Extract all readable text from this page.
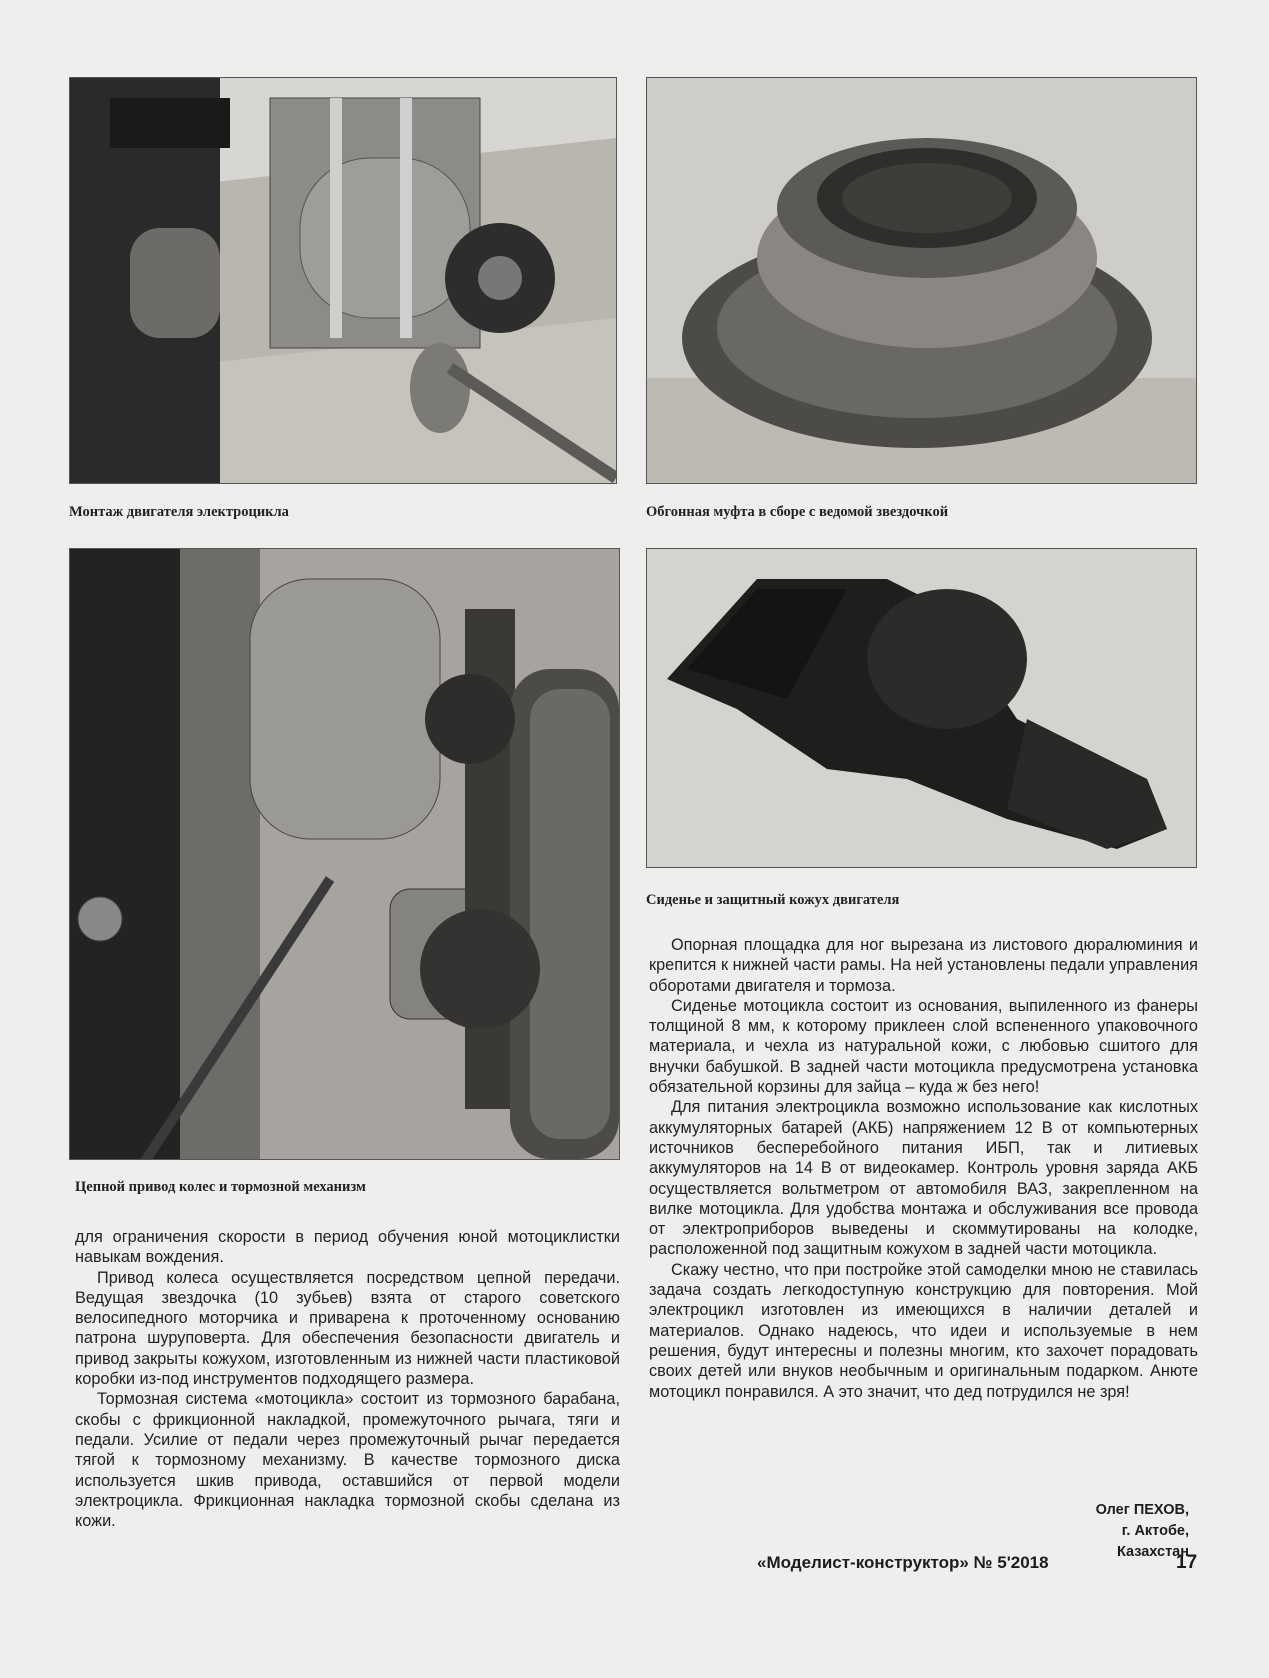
Монтаж двигателя электроцикла	Обгонная муфта в сборе с ведомой звездочкой
Цепной привод колес и тормозной механизм
Сиденье и защитный кожух двигателя

для ограничения скорости в период обучения юной мотоциклистки навыкам вождения.

Привод колеса осуществляется посредством цепной передачи. Ведущая звездочка (10 зубьев) взята от старого советского велосипедного моторчика и приварена к проточенному основанию патрона шуруповерта. Для обеспечения безопасности двигатель и привод закрыты кожухом, изготовленным из нижней части пластиковой коробки из-под инструментов подходящего размера.

Тормозная система «мотоцикла» состоит из тормозного барабана, скобы с фрикционной накладкой, промежуточного рычага, тяги и педали. Усилие от педали через промежуточный рычаг передается тягой к тормозному механизму. В качестве тормозного диска используется шкив привода, оставшийся от первой модели электроцикла. Фрикционная накладка тормозной скобы сделана из кожи.

Опорная площадка для ног вырезана из листового дюралюминия и крепится к нижней части рамы. На ней установлены педали управления оборотами двигателя и тормоза.

Сиденье мотоцикла состоит из основания, выпиленного из фанеры толщиной 8 мм, к которому приклеен слой вспененного упаковочного материала, и чехла из натуральной кожи, с любовью сшитого для внучки бабушкой. В задней части мотоцикла предусмотрена установка обязательной корзины для зайца – куда ж без него!

Для питания электроцикла возможно использование как кислотных аккумуляторных батарей (АКБ) напряжением 12 В от компьютерных источников бесперебойного питания ИБП, так и литиевых аккумуляторов на 14 В от видеокамер. Контроль уровня заряда АКБ осуществляется вольтметром от автомобиля ВАЗ, закрепленном на вилке мотоцикла. Для удобства монтажа и обслуживания все провода от электроприборов выведены и скоммутированы на колодке, расположенной под защитным кожухом в задней части мотоцикла.

Скажу честно, что при постройке этой самоделки мною не ставилась задача создать легкодоступную конструкцию для повторения. Мой электроцикл изготовлен из имеющихся в наличии деталей и материалов. Однако надеюсь, что идеи и используемые в нем решения, будут интересны и полезны многим, кто захочет порадовать своих детей или внуков необычным и оригинальным подарком. Анюте мотоцикл понравился. А это значит, что дед потрудился не зря!

Олег ПЕХОВ,
г. Актобе,
Казахстан
«Моделист-конструктор» № 5'2018	17
